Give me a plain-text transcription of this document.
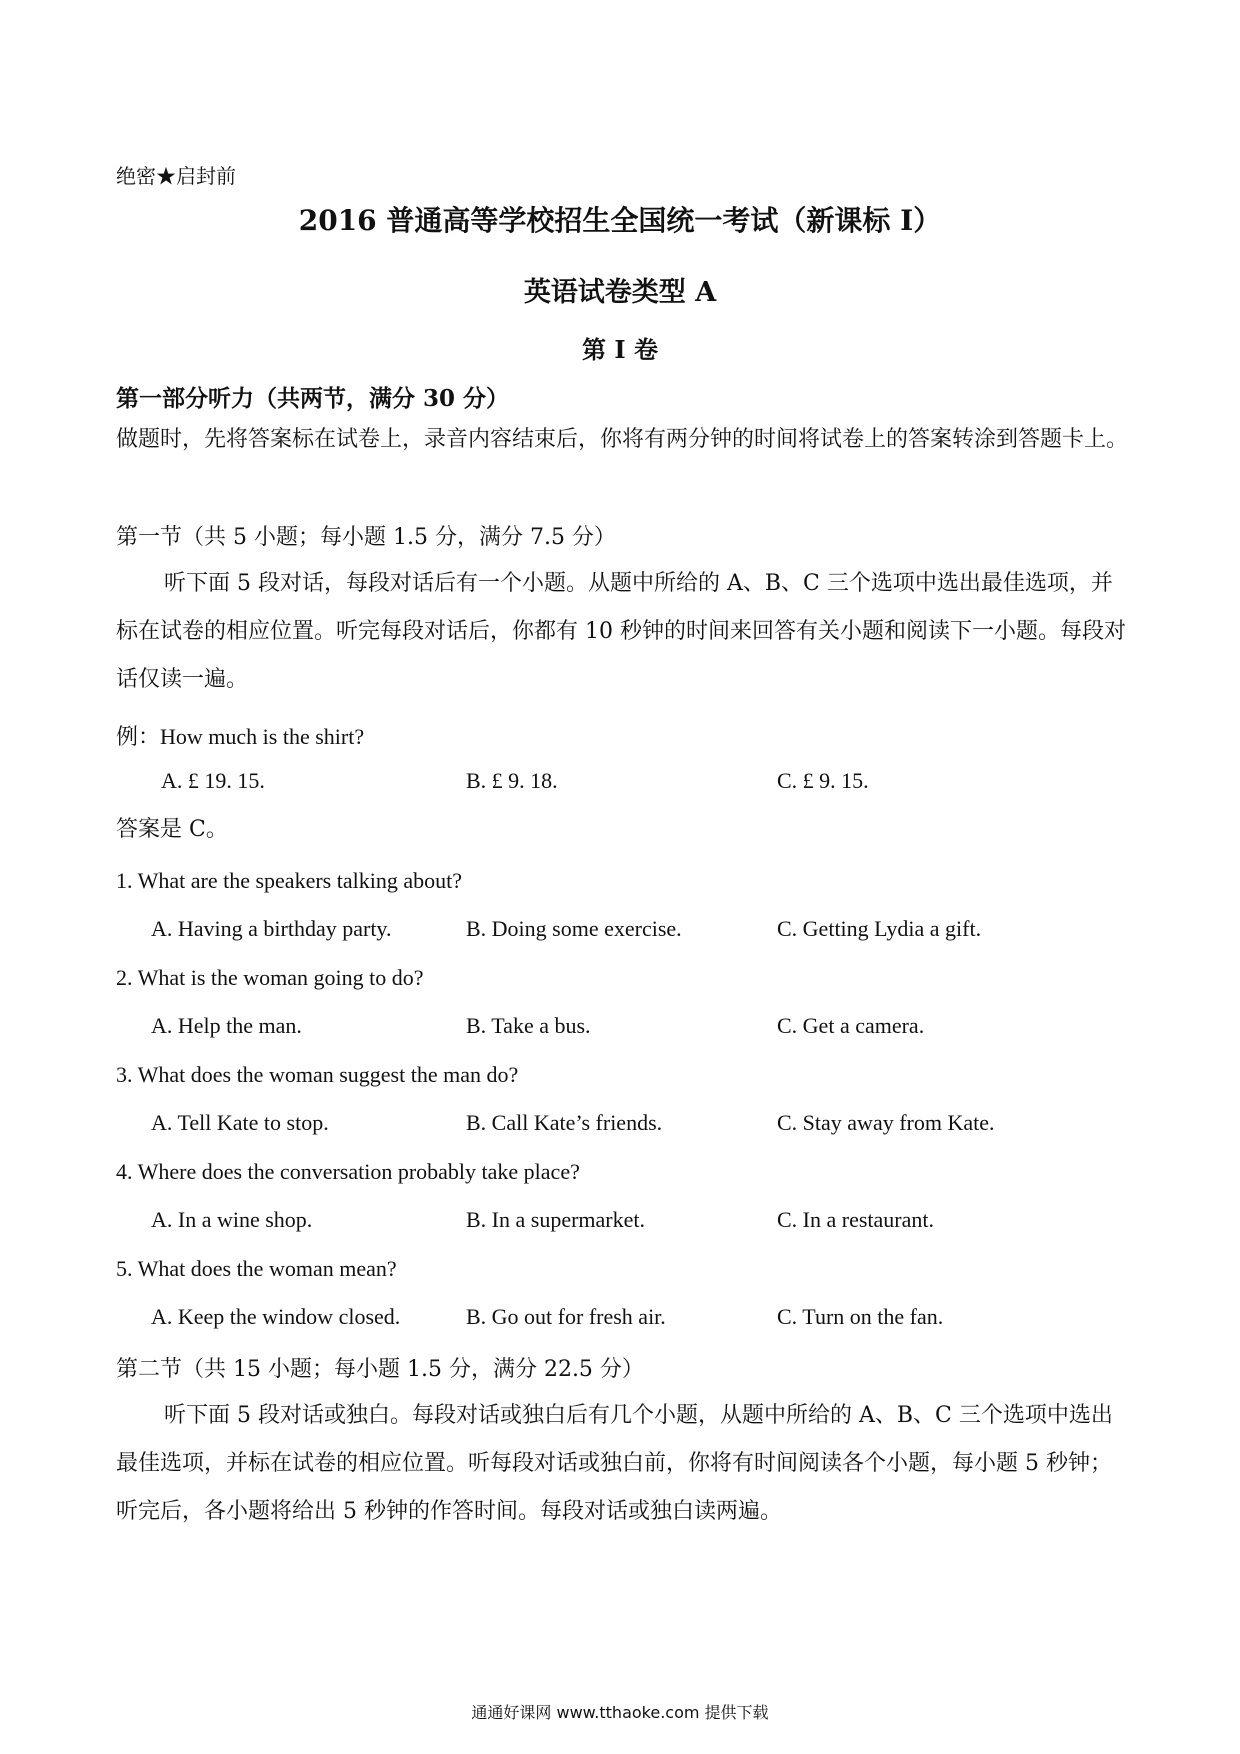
绝密★启封前
2016 普通高等学校招生全国统一考试（新课标 I）
英语试卷类型 A
第 I 卷
第一部分听力（共两节，满分 30 分）
做题时，先将答案标在试卷上，录音内容结束后，你将有两分钟的时间将试卷上的答案转涂到答题卡上。
第一节（共 5 小题；每小题 1.5 分，满分 7.5 分）
听下面 5 段对话，每段对话后有一个小题。从题中所给的 A、B、C 三个选项中选出最佳选项，并标在试卷的相应位置。听完每段对话后，你都有 10 秒钟的时间来回答有关小题和阅读下一小题。每段对话仅读一遍。
例：How much is the shirt?
A. £ 19. 15.	B. £ 9. 18.	C. £ 9. 15.
答案是 C。
1. What are the speakers talking about?
A. Having a birthday party.	B. Doing some exercise.	C. Getting Lydia a gift.
2. What is the woman going to do?
A. Help the man.	B. Take a bus.	C. Get a camera.
3. What does the woman suggest the man do?
A. Tell Kate to stop.	B. Call Kate’s friends.	C. Stay away from Kate.
4. Where does the conversation probably take place?
A. In a wine shop.	B. In a supermarket.	C. In a restaurant.
5. What does the woman mean?
A. Keep the window closed.	B. Go out for fresh air.	C. Turn on the fan.
第二节（共 15 小题；每小题 1.5 分，满分 22.5 分）
听下面 5 段对话或独白。每段对话或独白后有几个小题，从题中所给的 A、B、C 三个选项中选出最佳选项，并标在试卷的相应位置。听每段对话或独白前，你将有时间阅读各个小题，每小题 5 秒钟；听完后，各小题将给出 5 秒钟的作答时间。每段对话或独白读两遍。
通通好课网 www.tthaoke.com 提供下载
